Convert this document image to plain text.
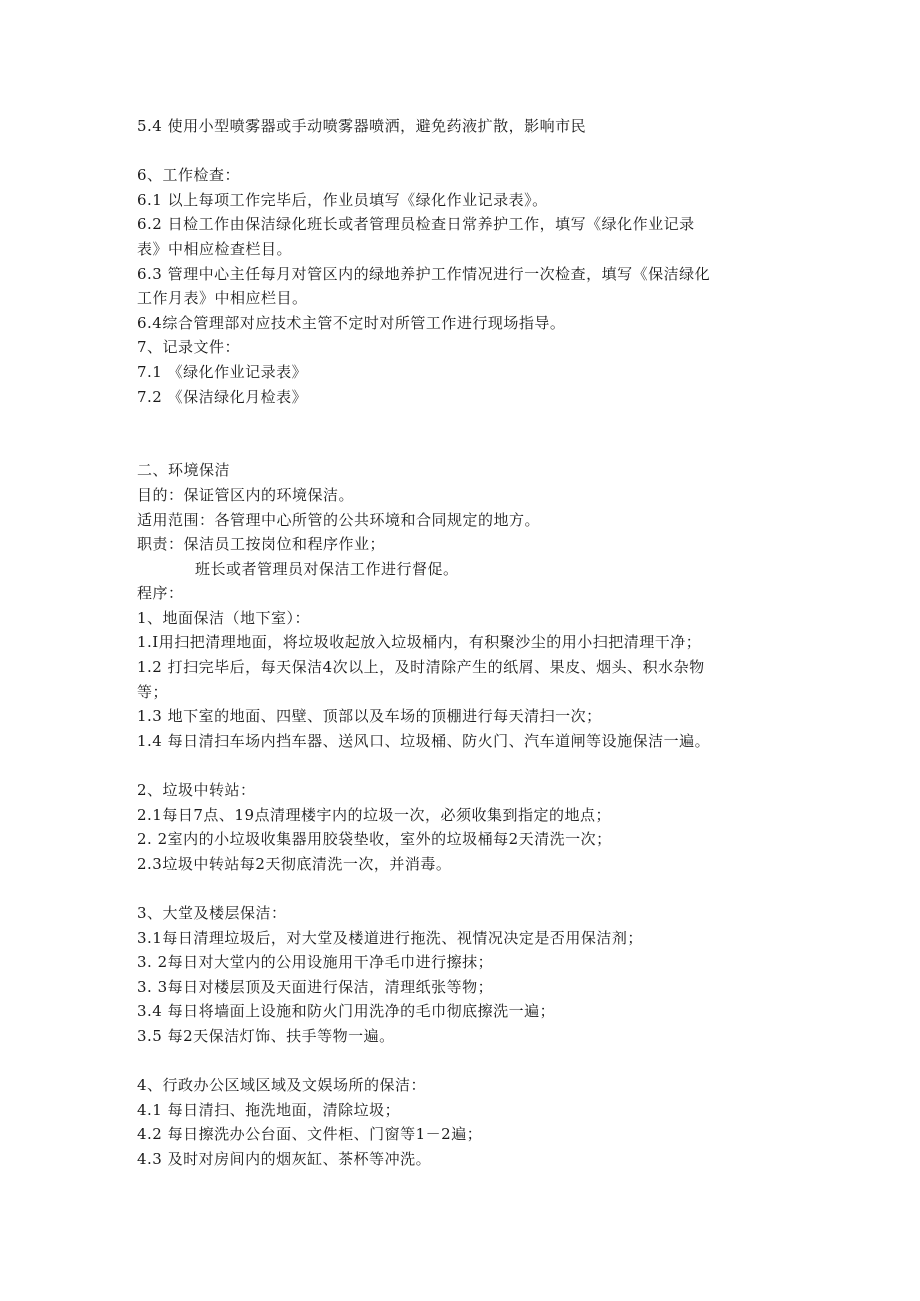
5.4 使用小型喷雾器或手动喷雾器喷洒，避免药液扩散，影响市民
6、工作检查：
6.1 以上每项工作完毕后，作业员填写《绿化作业记录表》。
6.2 日检工作由保洁绿化班长或者管理员检查日常养护工作，填写《绿化作业记录
表》中相应检查栏目。
6.3 管理中心主任每月对管区内的绿地养护工作情况进行一次检查，填写《保洁绿化
工作月表》中相应栏目。
6.4综合管理部对应技术主管不定时对所管工作进行现场指导。
7、记录文件：
7.1 《绿化作业记录表》
7.2 《保洁绿化月检表》
二、环境保洁
目的：保证管区内的环境保洁。
适用范围：各管理中心所管的公共环境和合同规定的地方。
职责：保洁员工按岗位和程序作业；
班长或者管理员对保洁工作进行督促。
程序：
1、地面保洁（地下室）：
1.I用扫把清理地面，将垃圾收起放入垃圾桶内，有积聚沙尘的用小扫把清理干净；
1.2 打扫完毕后，每天保洁4次以上，及时清除产生的纸屑、果皮、烟头、积水杂物
等；
1.3 地下室的地面、四壁、顶部以及车场的顶棚进行每天清扫一次；
1.4 每日清扫车场内挡车器、送风口、垃圾桶、防火门、汽车道闸等设施保洁一遍。
2、垃圾中转站：
2.1每日7点、19点清理楼宇内的垃圾一次，必须收集到指定的地点；
2. 2室内的小垃圾收集器用胶袋垫收，室外的垃圾桶每2天清洗一次；
2.3垃圾中转站每2天彻底清洗一次，并消毒。
3、大堂及楼层保洁：
3.1每日清理垃圾后，对大堂及楼道进行拖洗、视情况决定是否用保洁剂；
3. 2每日对大堂内的公用设施用干净毛巾进行擦抹；
3. 3每日对楼层顶及天面进行保洁，清理纸张等物；
3.4 每日将墙面上设施和防火门用洗净的毛巾彻底擦洗一遍；
3.5 每2天保洁灯饰、扶手等物一遍。
4、行政办公区域区域及文娱场所的保洁：
4.1 每日清扫、拖洗地面，清除垃圾；
4.2 每日擦洗办公台面、文件柜、门窗等1－2遍；
4.3 及时对房间内的烟灰缸、茶杯等冲洗。
